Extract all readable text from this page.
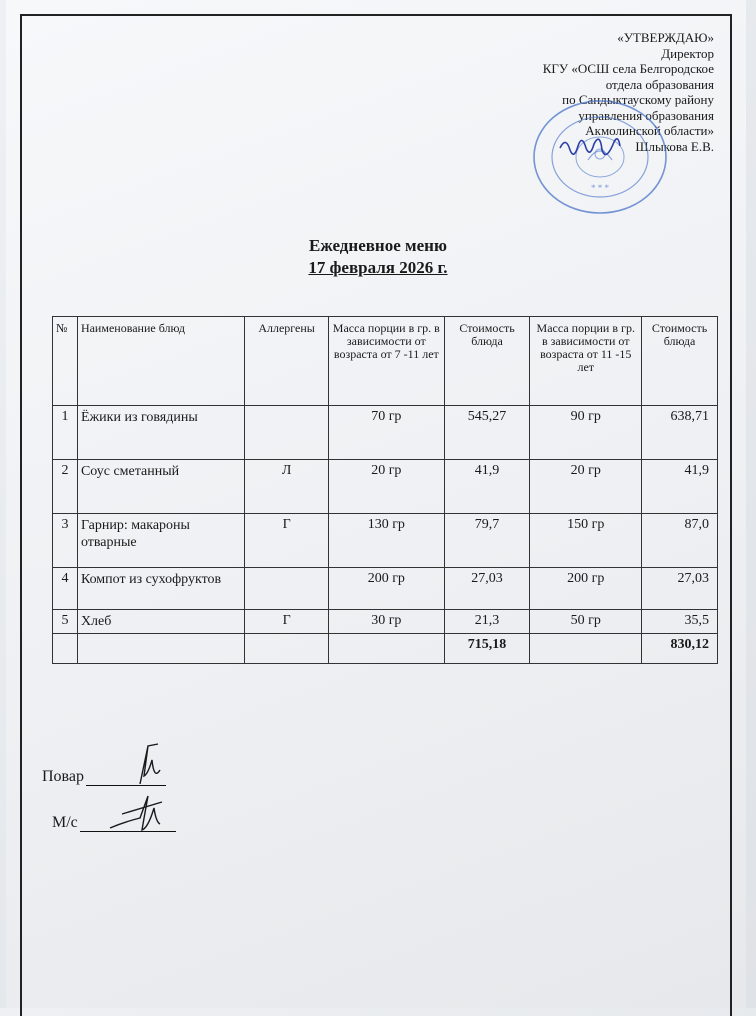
«УТВЕРЖДАЮ»
Директор
КГУ «ОСШ села Белгородское
отдела образования
по Сандыктаускому району
управления образования
Акмолинской области»
Шлыкова Е.В.
* * *
Ежедневное меню
17 февраля 2026 г.
№	Наименование блюд	Аллергены	Масса порции в гр. в зависимости от возраста от 7 -11 лет	Стоимость блюда	Масса порции в гр. в зависимости от возраста от 11 -15 лет	Стоимость блюда
1	Ёжики из говядины		70 гр	545,27	90 гр	638,71
2	Соус сметанный	Л	20 гр	41,9	20 гр	41,9
3	Гарнир: макароны отварные	Г	130 гр	79,7	150 гр	87,0
4	Компот из сухофруктов		200 гр	27,03	200 гр	27,03
5	Хлеб	Г	30 гр	21,3	50 гр	35,5
				715,18		830,12
Повар
М/с
